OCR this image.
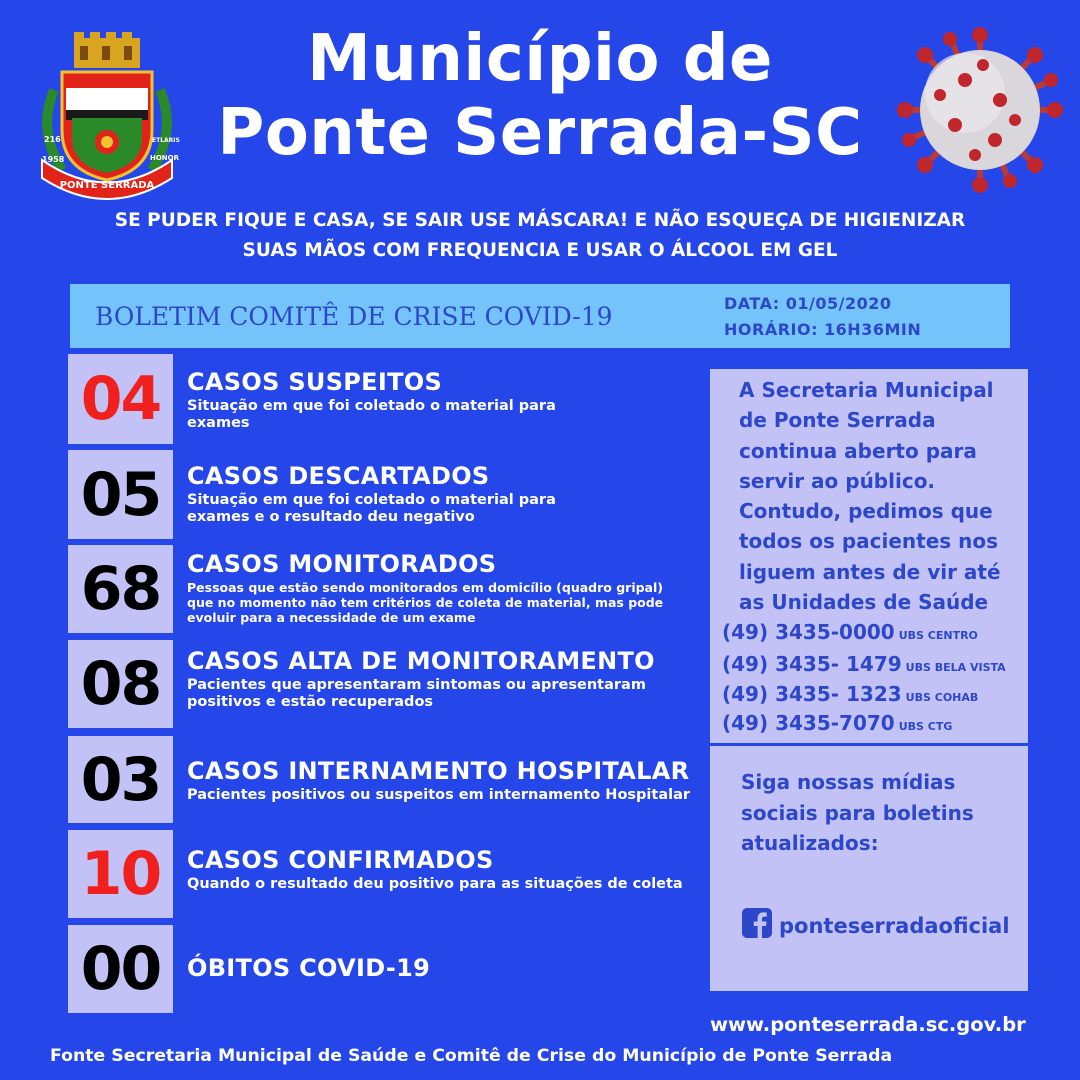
PONTE SERRADA
216
1958
ETLARIS
HONOR
Município de
Ponte Serrada-SC
SE PUDER FIQUE E CASA, SE SAIR USE MÁSCARA! E NÃO ESQUEÇA DE HIGIENIZAR
SUAS MÃOS COM FREQUENCIA E USAR O ÁLCOOL EM GEL
BOLETIM COMITÊ DE CRISE COVID-19	DATA: 01/05/2020
HORÁRIO: 16H36MIN
04	CASOS SUSPEITOS
Situação em que foi coletado o material para
exames
05	CASOS DESCARTADOS
Situação em que foi coletado o material para
exames e o resultado deu negativo
68	CASOS MONITORADOS
Pessoas que estão sendo monitorados em domicílio (quadro gripal)
que no momento não tem critérios de coleta de material, mas pode
evoluir para a necessidade de um exame
08	CASOS ALTA DE MONITORAMENTO
Pacientes que apresentaram sintomas ou apresentaram
positivos e estão recuperados
03	CASOS INTERNAMENTO HOSPITALAR
Pacientes positivos ou suspeitos em internamento Hospitalar
10	CASOS CONFIRMADOS
Quando o resultado deu positivo para as situações de coleta
00	ÓBITOS COVID-19
A Secretaria Municipal de Ponte Serrada continua aberto para servir ao público. Contudo, pedimos que todos os pacientes nos liguem antes de vir até as Unidades de Saúde
(49) 3435-0000 UBS CENTRO
(49) 3435- 1479 UBS BELA VISTA
(49) 3435- 1323 UBS COHAB
(49) 3435-7070 UBS CTG
Siga nossas mídias sociais para boletins atualizados:
ponteserradaoficial
www.ponteserrada.sc.gov.br
Fonte Secretaria Municipal de Saúde e Comitê de Crise do Município de Ponte Serrada
